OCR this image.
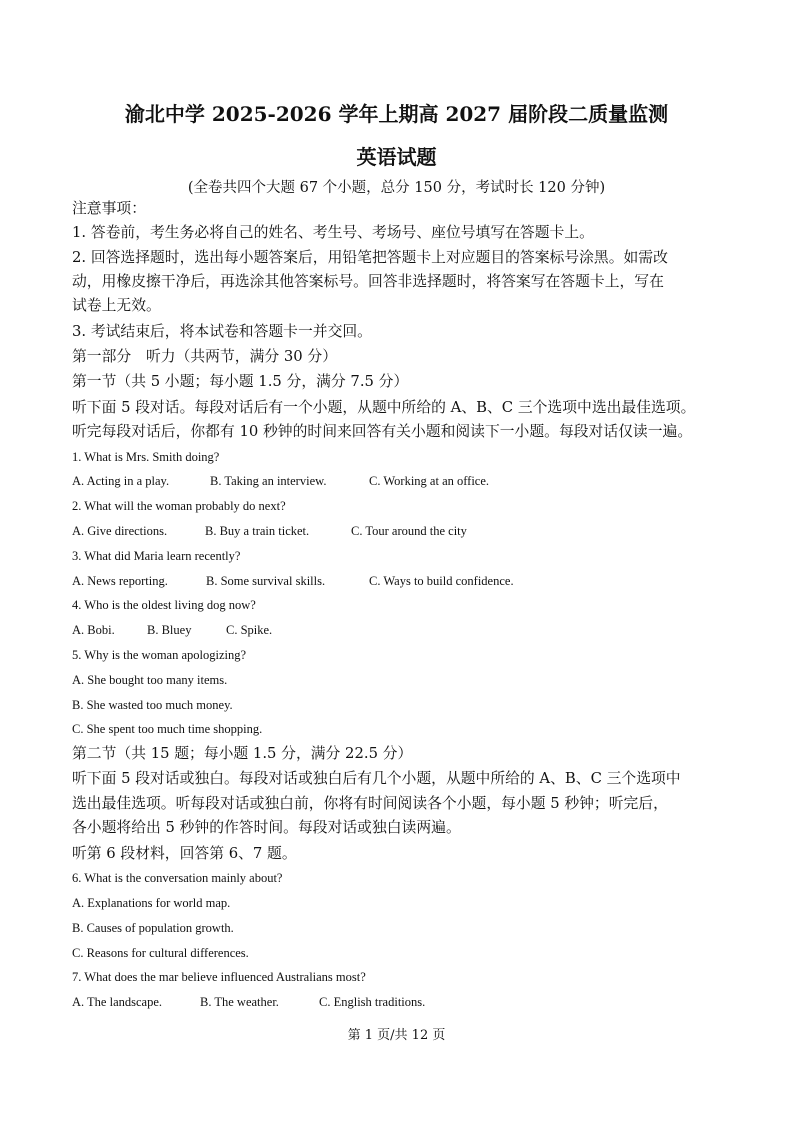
渝北中学 2025-2026 学年上期高 2027 届阶段二质量监测
英语试题
(全卷共四个大题 67 个小题，总分 150 分，考试时长 120 分钟)
注意事项：
1. 答卷前，考生务必将自己的姓名、考生号、考场号、座位号填写在答题卡上。
2. 回答选择题时，选出每小题答案后，用铅笔把答题卡上对应题目的答案标号涂黑。如需改
动，用橡皮擦干净后，再选涂其他答案标号。回答非选择题时，将答案写在答题卡上，写在
试卷上无效。
3. 考试结束后，将本试卷和答题卡一并交回。
第一部分　听力（共两节，满分 30 分）
第一节（共 5 小题；每小题 1.5 分，满分 7.5 分）
听下面 5 段对话。每段对话后有一个小题，从题中所给的 A、B、C 三个选项中选出最佳选项。
听完每段对话后，你都有 10 秒钟的时间来回答有关小题和阅读下一小题。每段对话仅读一遍。
1. What is Mrs. Smith doing?
A. Acting in a play.	B. Taking an interview.	C. Working at an office.
2. What will the woman probably do next?
A. Give directions.	B. Buy a train ticket.	C. Tour around the city
3. What did Maria learn recently?
A. News reporting.	B. Some survival skills.	C. Ways to build confidence.
4. Who is the oldest living dog now?
A. Bobi.	B. Bluey	C. Spike.
5. Why is the woman apologizing?
A. She bought too many items.
B. She wasted too much money.
C. She spent too much time shopping.
第二节（共 15 题；每小题 1.5 分，满分 22.5 分）
听下面 5 段对话或独白。每段对话或独白后有几个小题，从题中所给的 A、B、C 三个选项中
选出最佳选项。听每段对话或独白前，你将有时间阅读各个小题，每小题 5 秒钟；听完后，
各小题将给出 5 秒钟的作答时间。每段对话或独白读两遍。
听第 6 段材料，回答第 6、7 题。
6. What is the conversation mainly about?
A. Explanations for world map.
B. Causes of population growth.
C. Reasons for cultural differences.
7. What does the mar believe influenced Australians most?
A. The landscape.	B. The weather.	C. English traditions.
第 1 页/共 12 页
